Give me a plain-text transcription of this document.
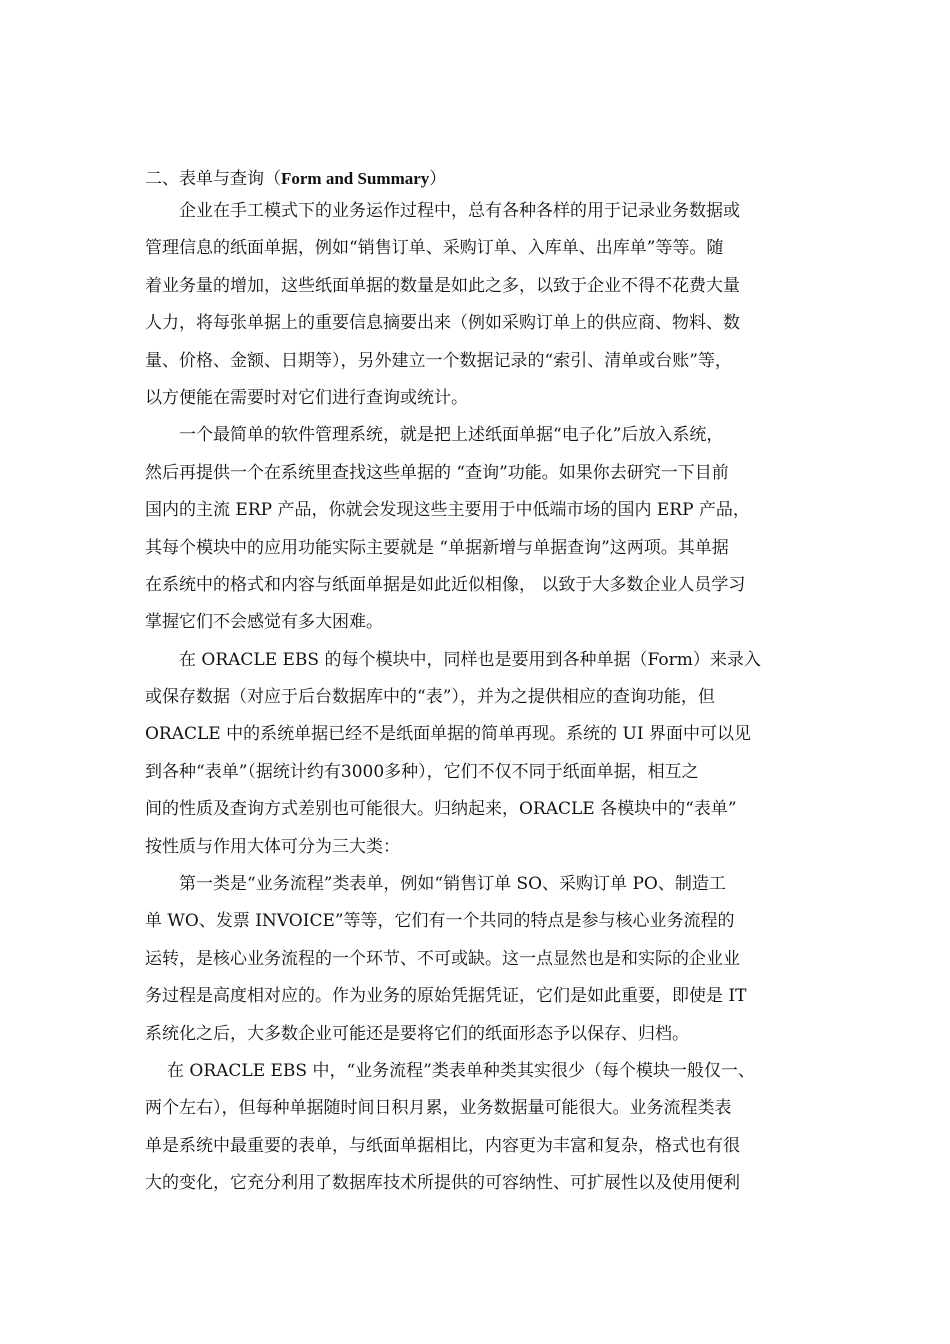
二、表单与查询（Form and Summary）
企业在手工模式下的业务运作过程中，总有各种各样的用于记录业务数据或
管理信息的纸面单据，例如“销售订单、采购订单、入库单、出库单”等等。随
着业务量的增加，这些纸面单据的数量是如此之多，以致于企业不得不花费大量
人力，将每张单据上的重要信息摘要出来（例如采购订单上的供应商、物料、数
量、价格、金额、日期等），另外建立一个数据记录的“索引、清单或台账”等，
以方便能在需要时对它们进行查询或统计。
一个最简单的软件管理系统，就是把上述纸面单据“电子化”后放入系统，
然后再提供一个在系统里查找这些单据的 “查询”功能。如果你去研究一下目前
国内的主流 ERP 产品，你就会发现这些主要用于中低端市场的国内 ERP 产品，
其每个模块中的应用功能实际主要就是 “单据新增与单据查询”这两项。其单据
在系统中的格式和内容与纸面单据是如此近似相像， 以致于大多数企业人员学习
掌握它们不会感觉有多大困难。
在 ORACLE EBS 的每个模块中，同样也是要用到各种单据（Form）来录入
或保存数据（对应于后台数据库中的“表”），并为之提供相应的查询功能，但
ORACLE 中的系统单据已经不是纸面单据的简单再现。系统的 UI 界面中可以见
到各种“表单”（据统计约有3000多种），它们不仅不同于纸面单据，相互之
间的性质及查询方式差别也可能很大。归纳起来，ORACLE 各模块中的“表单”
按性质与作用大体可分为三大类：
第一类是“业务流程”类表单，例如“销售订单 SO、采购订单 PO、制造工
单 WO、发票 INVOICE”等等，它们有一个共同的特点是参与核心业务流程的
运转，是核心业务流程的一个环节、不可或缺。这一点显然也是和实际的企业业
务过程是高度相对应的。作为业务的原始凭据凭证，它们是如此重要，即使是 IT
系统化之后，大多数企业可能还是要将它们的纸面形态予以保存、归档。
在 ORACLE EBS 中，“业务流程”类表单种类其实很少（每个模块一般仅一、
两个左右），但每种单据随时间日积月累，业务数据量可能很大。业务流程类表
单是系统中最重要的表单，与纸面单据相比，内容更为丰富和复杂，格式也有很
大的变化，它充分利用了数据库技术所提供的可容纳性、可扩展性以及使用便利
